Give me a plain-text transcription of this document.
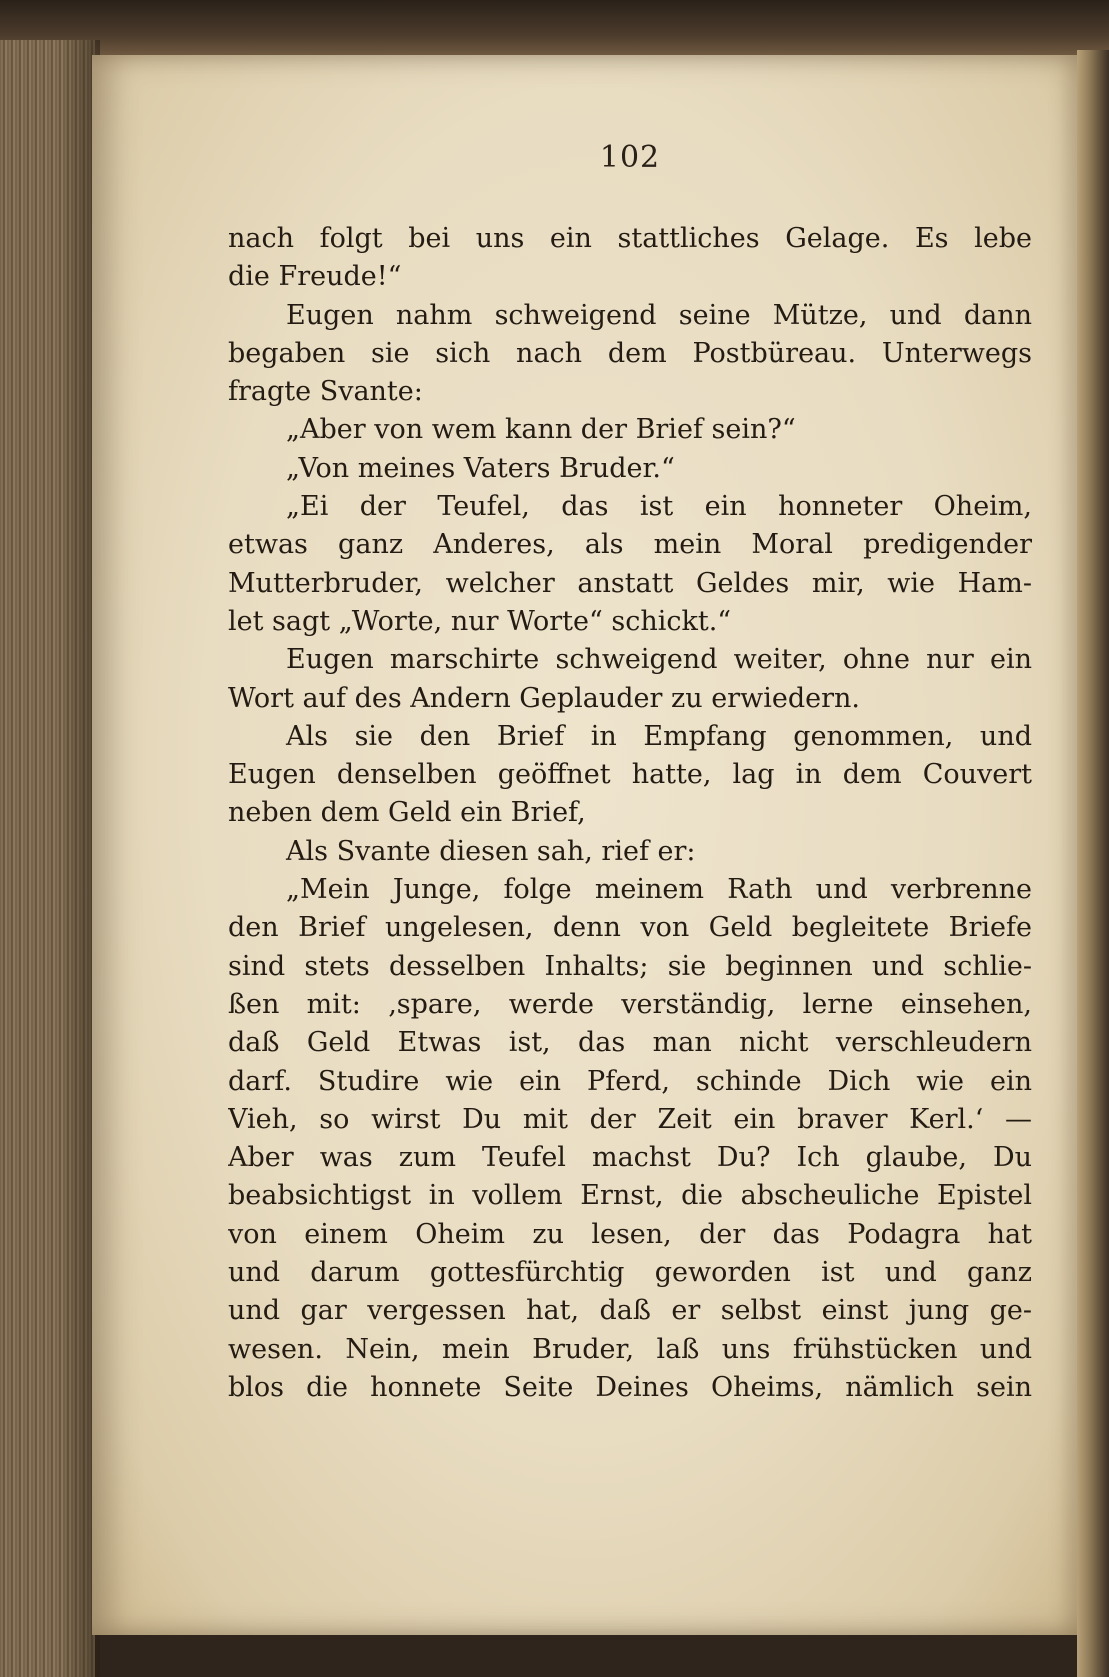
102
nach folgt bei uns ein stattliches Gelage. Es lebe
die Freude!“
Eugen nahm schweigend seine Mütze, und dann
begaben sie sich nach dem Postbüreau. Unterwegs
fragte Svante:
„Aber von wem kann der Brief sein?“
„Von meines Vaters Bruder.“
„Ei der Teufel, das ist ein honneter Oheim,
etwas ganz Anderes, als mein Moral predigender
Mutterbruder, welcher anstatt Geldes mir, wie Ham-
let sagt „Worte, nur Worte“ schickt.“
Eugen marschirte schweigend weiter, ohne nur ein
Wort auf des Andern Geplauder zu erwiedern.
Als sie den Brief in Empfang genommen, und
Eugen denselben geöffnet hatte, lag in dem Couvert
neben dem Geld ein Brief,
Als Svante diesen sah, rief er:
„Mein Junge, folge meinem Rath und verbrenne
den Brief ungelesen, denn von Geld begleitete Briefe
sind stets desselben Inhalts; sie beginnen und schlie-
ßen mit: ‚spare, werde verständig, lerne einsehen,
daß Geld Etwas ist, das man nicht verschleudern
darf. Studire wie ein Pferd, schinde Dich wie ein
Vieh, so wirst Du mit der Zeit ein braver Kerl.‘ —
Aber was zum Teufel machst Du? Ich glaube, Du
beabsichtigst in vollem Ernst, die abscheuliche Epistel
von einem Oheim zu lesen, der das Podagra hat
und darum gottesfürchtig geworden ist und ganz
und gar vergessen hat, daß er selbst einst jung ge-
wesen. Nein, mein Bruder, laß uns frühstücken und
blos die honnete Seite Deines Oheims, nämlich sein
